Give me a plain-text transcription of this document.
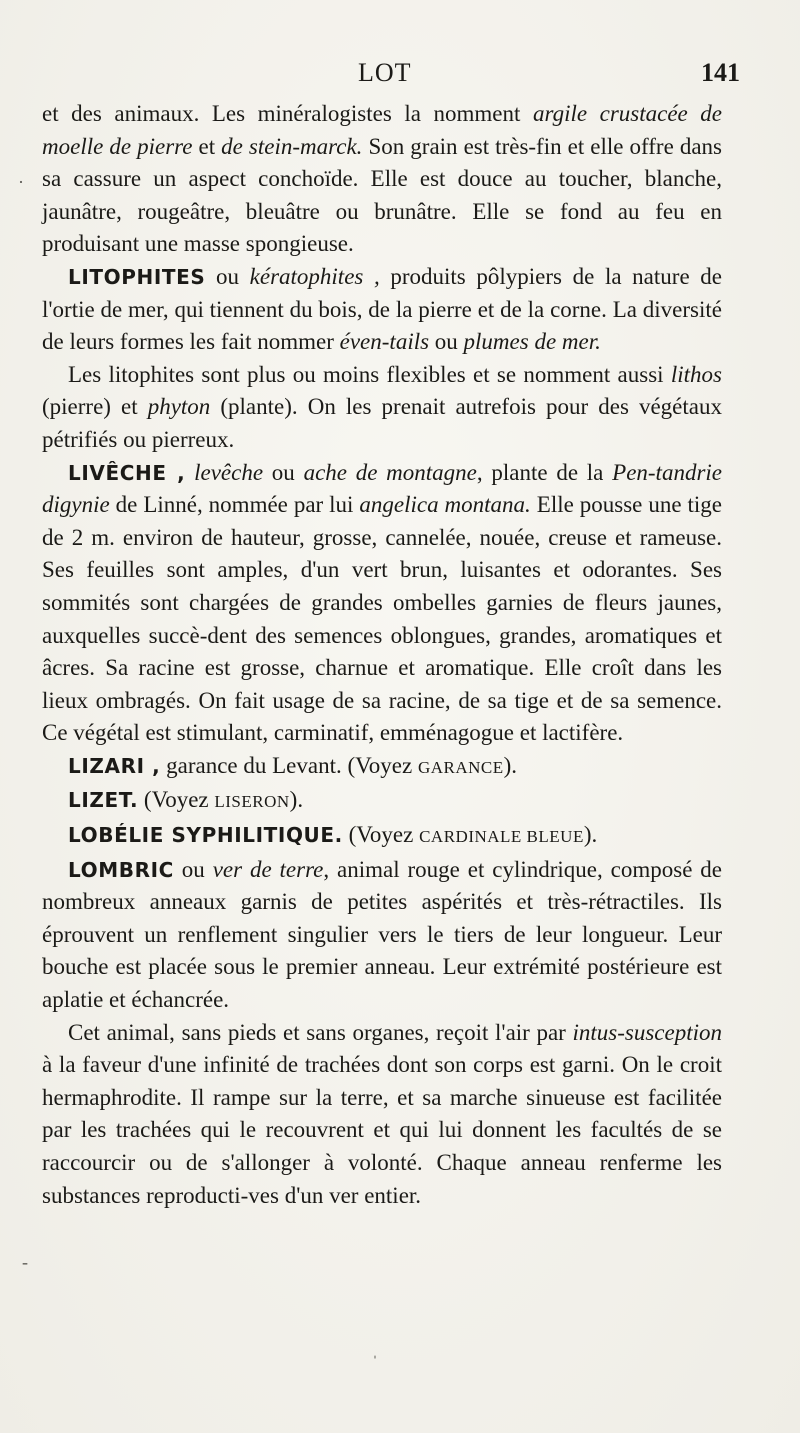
LOT	141

et des animaux. Les minéralogistes la nomment argile crustacée de moelle de pierre et de stein-marck. Son grain est très-fin et elle offre dans sa cassure un aspect conchoïde. Elle est douce au toucher, blanche, jaunâtre, rougeâtre, bleuâtre ou brunâtre. Elle se fond au feu en produisant une masse spongieuse.

LITOPHITES ou kératophites , produits pôlypiers de la nature de l'ortie de mer, qui tiennent du bois, de la pierre et de la corne. La diversité de leurs formes les fait nommer éven-tails ou plumes de mer.

Les litophites sont plus ou moins flexibles et se nomment aussi lithos (pierre) et phyton (plante). On les prenait autrefois pour des végétaux pétrifiés ou pierreux.

LIVÊCHE , levêche ou ache de montagne, plante de la Pen-tandrie digynie de Linné, nommée par lui angelica montana. Elle pousse une tige de 2 m. environ de hauteur, grosse, cannelée, nouée, creuse et rameuse. Ses feuilles sont amples, d'un vert brun, luisantes et odorantes. Ses sommités sont chargées de grandes ombelles garnies de fleurs jaunes, auxquelles succè-dent des semences oblongues, grandes, aromatiques et âcres. Sa racine est grosse, charnue et aromatique. Elle croît dans les lieux ombragés. On fait usage de sa racine, de sa tige et de sa semence. Ce végétal est stimulant, carminatif, emménagogue et lactifère.

LIZARI , garance du Levant. (Voyez GARANCE).

LIZET. (Voyez LISERON).

LOBÉLIE SYPHILITIQUE. (Voyez CARDINALE BLEUE).

LOMBRIC ou ver de terre, animal rouge et cylindrique, composé de nombreux anneaux garnis de petites aspérités et très-rétractiles. Ils éprouvent un renflement singulier vers le tiers de leur longueur. Leur bouche est placée sous le premier anneau. Leur extrémité postérieure est aplatie et échancrée.

Cet animal, sans pieds et sans organes, reçoit l'air par intus-susception à la faveur d'une infinité de trachées dont son corps est garni. On le croit hermaphrodite. Il rampe sur la terre, et sa marche sinueuse est facilitée par les trachées qui le recouvrent et qui lui donnent les facultés de se raccourcir ou de s'allonger à volonté. Chaque anneau renferme les substances reproducti-ves d'un ver entier.

·
-
ˈ
